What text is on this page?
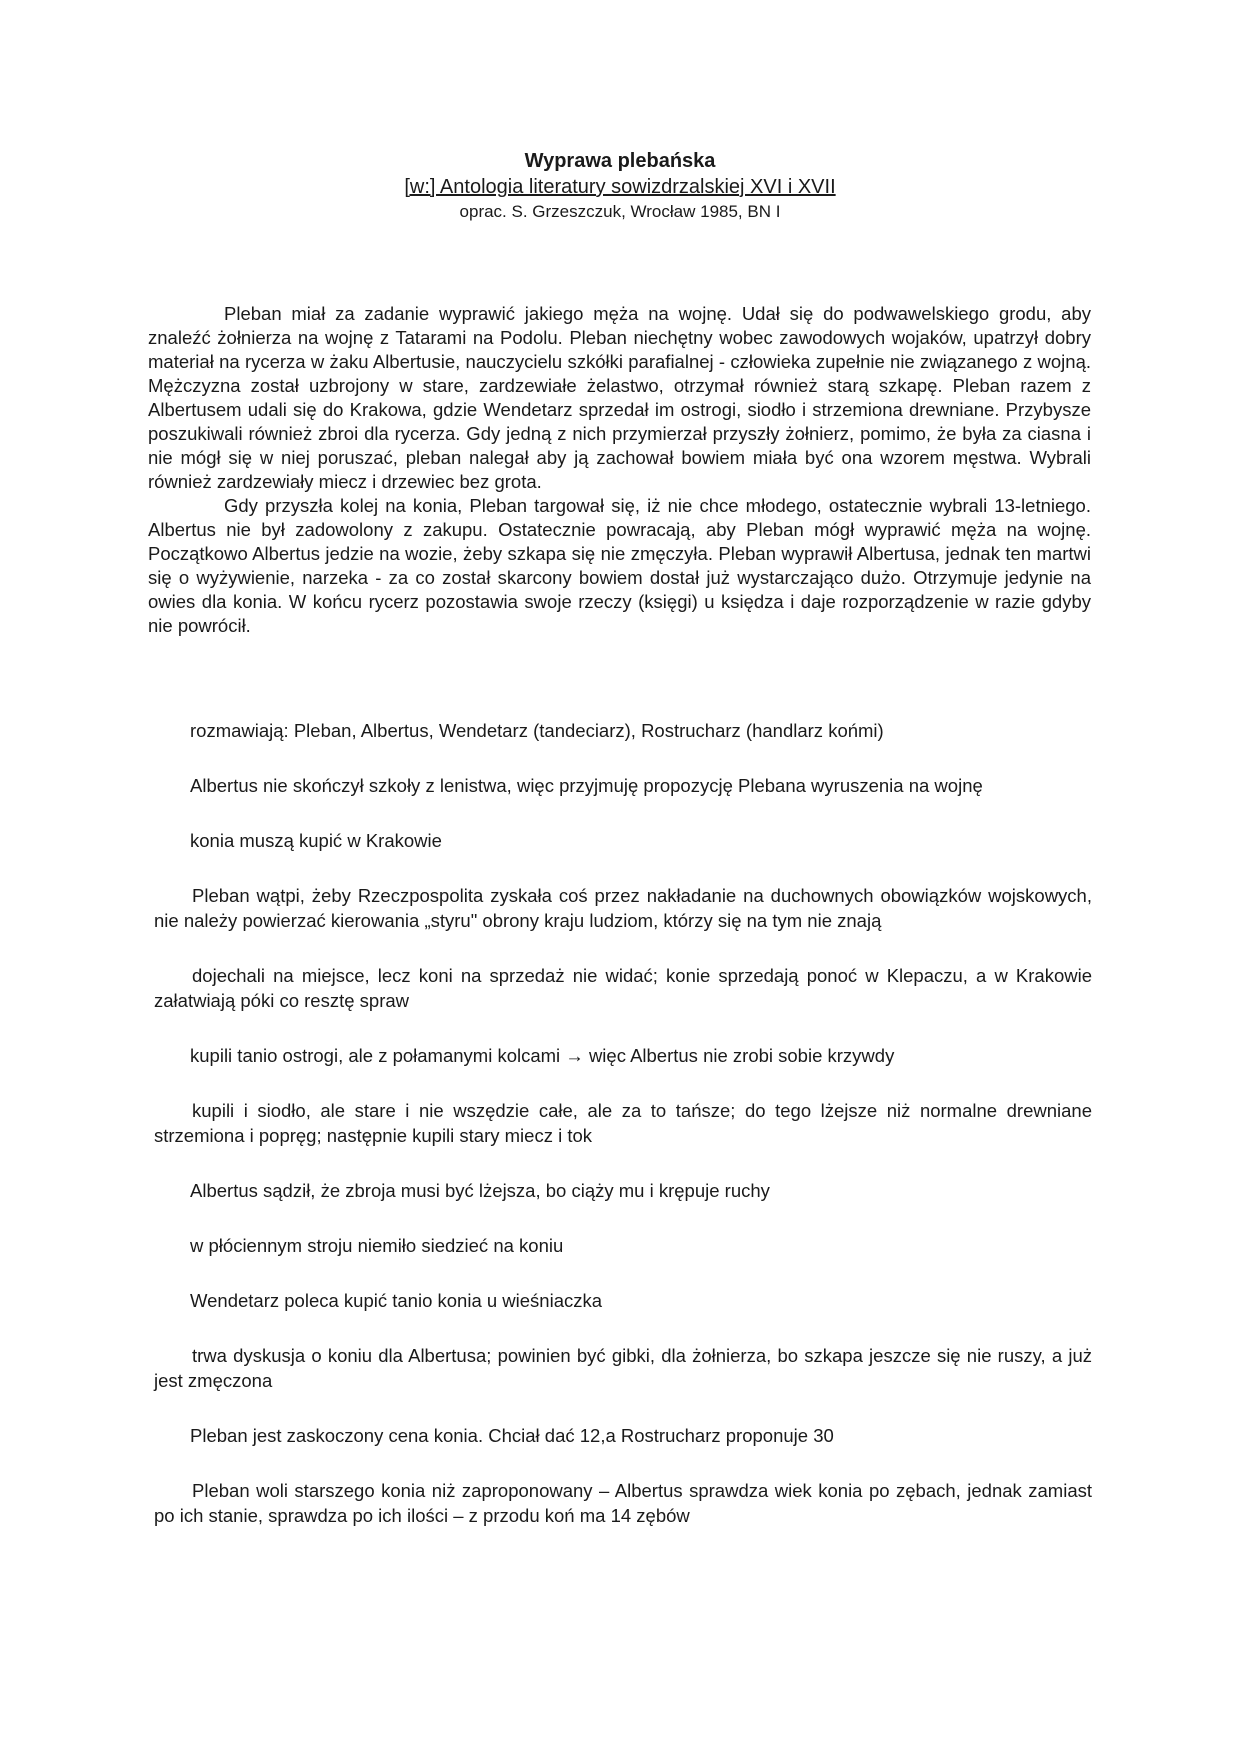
Wyprawa plebańska
[w:] Antologia literatury sowizdrzalskiej XVI i XVII
oprac. S. Grzeszczuk, Wrocław 1985, BN I

Pleban miał za zadanie wyprawić jakiego męża na wojnę. Udał się do podwawelskiego grodu, aby znaleźć żołnierza na wojnę z Tatarami na Podolu. Pleban niechętny wobec zawodowych wojaków, upatrzył dobry materiał na rycerza w żaku Albertusie, nauczycielu szkółki parafialnej - człowieka zupełnie nie związanego z wojną. Mężczyzna został uzbrojony w stare, zardzewiałe żelastwo, otrzymał również starą szkapę. Pleban razem z Albertusem udali się do Krakowa, gdzie Wendetarz sprzedał im ostrogi, siodło i strzemiona drewniane. Przybysze poszukiwali również zbroi dla rycerza. Gdy jedną z nich przymierzał przyszły żołnierz, pomimo, że była za ciasna i nie mógł się w niej poruszać, pleban nalegał aby ją zachował bowiem miała być ona wzorem męstwa. Wybrali również zardzewiały miecz i drzewiec bez grota.

Gdy przyszła kolej na konia, Pleban targował się, iż nie chce młodego, ostatecznie wybrali 13-letniego. Albertus nie był zadowolony z zakupu. Ostatecznie powracają, aby Pleban mógł wyprawić męża na wojnę. Początkowo Albertus jedzie na wozie, żeby szkapa się nie zmęczyła. Pleban wyprawił Albertusa, jednak ten martwi się o wyżywienie, narzeka - za co został skarcony bowiem dostał już wystarczająco dużo. Otrzymuje jedynie na owies dla konia. W końcu rycerz pozostawia swoje rzeczy (księgi) u księdza i daje rozporządzenie w razie gdyby nie powrócił.

rozmawiają: Pleban, Albertus, Wendetarz (tandeciarz), Rostrucharz (handlarz końmi)

Albertus nie skończył szkoły z lenistwa, więc przyjmuję propozycję Plebana wyruszenia na wojnę

konia muszą kupić w Krakowie

Pleban wątpi, żeby Rzeczpospolita zyskała coś przez nakładanie na duchownych obowiązków wojskowych, nie należy powierzać kierowania „styru" obrony kraju ludziom, którzy się na tym nie znają

dojechali na miejsce, lecz koni na sprzedaż nie widać; konie sprzedają ponoć w Klepaczu, a w Krakowie załatwiają póki co resztę spraw

kupili tanio ostrogi, ale z połamanymi kolcami → więc Albertus nie zrobi sobie krzywdy

kupili i siodło, ale stare i nie wszędzie całe, ale za to tańsze; do tego lżejsze niż normalne drewniane strzemiona i popręg; następnie kupili stary miecz i tok

Albertus sądził, że zbroja musi być lżejsza, bo ciąży mu i krępuje ruchy

w płóciennym stroju niemiło siedzieć na koniu

Wendetarz poleca kupić tanio konia u wieśniaczka

trwa dyskusja o koniu dla Albertusa; powinien być gibki, dla żołnierza, bo szkapa jeszcze się nie ruszy, a już jest zmęczona

Pleban jest zaskoczony cena konia. Chciał dać 12,a Rostrucharz proponuje 30

Pleban woli starszego konia niż zaproponowany – Albertus sprawdza wiek konia po zębach, jednak zamiast po ich stanie, sprawdza po ich ilości – z przodu koń ma 14 zębów
